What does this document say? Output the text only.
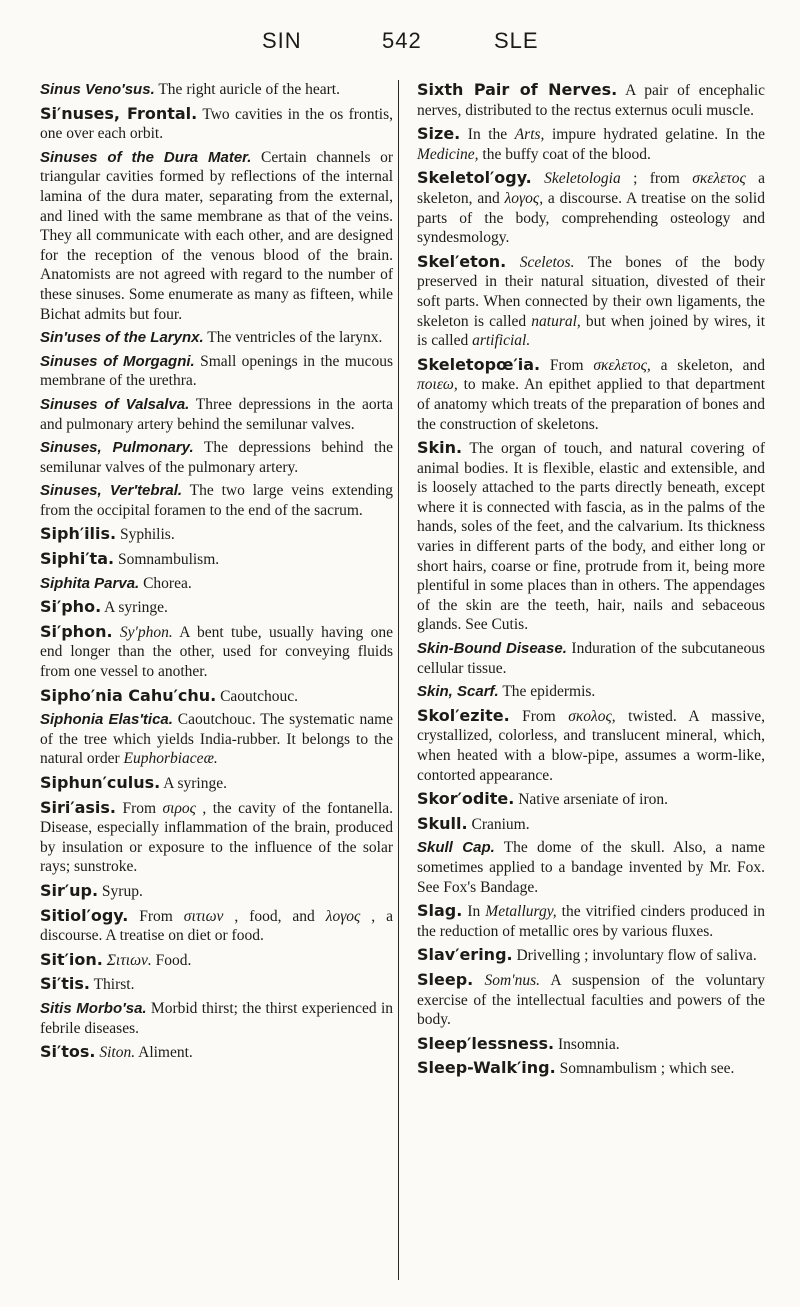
SIN	542	SLE
Sinus Veno′sus. The right auricle of the heart.
Si′nuses, Frontal. Two cavities in the os frontis, one over each orbit.
Sinuses of the Dura Mater. Certain channels or triangular cavities formed by reflections of the internal lamina of the dura mater, separating from the external, and lined with the same membrane as that of the veins. They all communicate with each other, and are designed for the reception of the venous blood of the brain. Anatomists are not agreed with regard to the number of these sinuses. Some enumerate as many as fifteen, while Bichat admits but four.
Sin′uses of the Larynx. The ventricles of the larynx.
Sinuses of Morgagni. Small openings in the mucous membrane of the urethra.
Sinuses of Valsalva. Three depressions in the aorta and pulmonary artery behind the semilunar valves.
Sinuses, Pulmonary. The depressions behind the semilunar valves of the pulmonary artery.
Sinuses, Ver′tebral. The two large veins extending from the occipital foramen to the end of the sacrum.
Siph′ilis. Syphilis.
Siphi′ta. Somnambulism.
Siphita Parva. Chorea.
Si′pho. A syringe.
Si′phon. Sy′phon. A bent tube, usually having one end longer than the other, used for conveying fluids from one vessel to another.
Sipho′nia Cahu′chu. Caoutchouc.
Siphonia Elas′tica. Caoutchouc. The systematic name of the tree which yields India-rubber. It belongs to the natural order Euphorbiaceæ.
Siphun′culus. A syringe.
Siri′asis. From σιρος , the cavity of the fontanella. Disease, especially inflammation of the brain, produced by insulation or exposure to the influence of the solar rays; sunstroke.
Sir′up. Syrup.
Sitiol′ogy. From σιτιων , food, and λογος , a discourse. A treatise on diet or food.
Sit′ion. Σιτιων. Food.
Si′tis. Thirst.
Sitis Morbo′sa. Morbid thirst; the thirst experienced in febrile diseases.
Si′tos. Siton. Aliment.
Sixth Pair of Nerves. A pair of encephalic nerves, distributed to the rectus externus oculi muscle.
Size. In the Arts, impure hydrated gelatine. In the Medicine, the buffy coat of the blood.
Skeletol′ogy. Skeletologia ; from σκελετος a skeleton, and λογος, a discourse. A treatise on the solid parts of the body, comprehending osteology and syndesmology.
Skel′eton. Sceletos. The bones of the body preserved in their natural situation, divested of their soft parts. When connected by their own ligaments, the skeleton is called natural, but when joined by wires, it is called artificial.
Skeletopœ′ia. From σκελετος, a skeleton, and ποιεω, to make. An epithet applied to that department of anatomy which treats of the preparation of bones and the construction of skeletons.
Skin. The organ of touch, and natural covering of animal bodies. It is flexible, elastic and extensible, and is loosely attached to the parts directly beneath, except where it is connected with fascia, as in the palms of the hands, soles of the feet, and the calvarium. Its thickness varies in different parts of the body, and either long or short hairs, coarse or fine, protrude from it, being more plentiful in some places than in others. The appendages of the skin are the teeth, hair, nails and sebaceous glands. See Cutis.
Skin-Bound Disease. Induration of the subcutaneous cellular tissue.
Skin, Scarf. The epidermis.
Skol′ezite. From σκολος, twisted. A massive, crystallized, colorless, and translucent mineral, which, when heated with a blow-pipe, assumes a worm-like, contorted appearance.
Skor′odite. Native arseniate of iron.
Skull. Cranium.
Skull Cap. The dome of the skull. Also, a name sometimes applied to a bandage invented by Mr. Fox. See Fox's Bandage.
Slag. In Metallurgy, the vitrified cinders produced in the reduction of metallic ores by various fluxes.
Slav′ering. Drivelling ; involuntary flow of saliva.
Sleep. Som′nus. A suspension of the voluntary exercise of the intellectual faculties and powers of the body.
Sleep′lessness. Insomnia.
Sleep-Walk′ing. Somnambulism ; which see.
